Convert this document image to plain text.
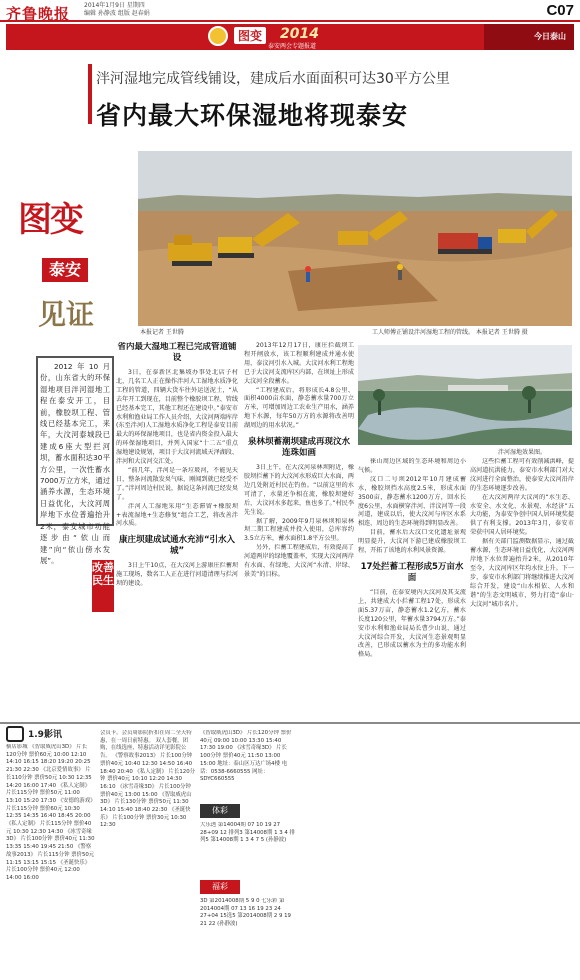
齐鲁晚报 2014年1月9日 星期四
编辑 孙静波 组版 赵春娟	C07
图变 2014
泰安两会专题报道
今日泰山
泮河湿地完成管线铺设，建成后水面面积可达30平方公里
省内最大环保湿地将现泰安
本报记者 王世腾	工人师傅正铺设泮河湿地工程的管线。 本报记者 王世腾 摄
图变
泰安
见证
2012年10月份，山东省大的环保湿地项目泮河湿地工程在泰安开工，目前，橡胶坝工程、管线已经基本完工，来年，大汶河泰城段已建成6座大型拦河坝，蓄水面积达30平方公里，一次性蓄水7000万立方米，通过涵养水源，生态环境日益优化，大汶河周岸地下水位普遍抬升2米，泰安城市功能逐步由“依山而建”向“依山傍水发展”。
改善民生
省内最大湿地工程已完成管道铺设
3日，在泰新区北集坡办事处北店子村北，几名工人正在操作泮河人工湿地水质净化工程的管道，四辆大货车往外运送泥土，“从去年开工到现在，目前整个橡胶坝工程、管线已经基本完工，其他工程还在建设中。”泰安市水利和渔业局工作人员介绍，大汶河两端库岸(东至泮河)人工湿地水质净化工程是泰安目前最大的环保湿地项目，也是省内资金投入最大的环保湿地项目，并列入国家“十二五”重点湿地建设规划，项目于大汶河流域天泽湖段、泮河和大汶河交汇处。
“前几年，泮河是一条垃圾河，不能见天日，整条河流散发臭气味，刚闻到就已经受不了。”泮河周边村民说，据说这条河流已经发臭了。
泮河人工湿地采用“生态滞留+橡胶坝+表流湿地+生态修复”组合工艺，将改善泮河水质。
康庄坝建成试通水充沛“引水入城”
3日上午10点，在大汶河上游康庄拦蓄坝施工现场，数名工人正在进行河道清理与拦河坝的建设。
2013年12月17日，康庄拦截坝工程开闸放水，该工程顺利建成并通水使用，泰汶河引水入城。大汶河水利工程地已于大汶河支流库区内部，在坝址上形成大汶河全段蓄水。
“工程建成后，将形成长4.8公里、面积4000亩水面，静态蓄水量700万立方米，可增加周边工农业生产用水，涵养地下水源，每年50万方的水源将改善明湖周边的用水状况。”
泉林坝蓄潮坝建成再现汶水连珠如画
3日上午，在大汶河泉林坝附近，橡胶坝拦蓄下的大汶河水形成巨大水面，两边几处附近村民在钓鱼。“以前这里的水可清了，水量还争相在流，橡胶坝建好后，大汶河水多起来，鱼也多了。”村民李先生说。
据了解，2009年9月泉林坝和泉林坝二期工程建成并投入使用，总库容约3.5立方米，蓄水面积1.8平方公里。
另外，拦蓄工程建成后，有效提高了河道两岸的绿地覆盖率，实现大汶河两岸有水面、有绿地、大汶河“水清、岸绿、景美”的目标。
泮河湿地效果图。
徕山周边区域的生态环境和周边小气候。
汶口二号坝2012年10月建成蓄水，橡胶坝挡水高度2.5米，形成水面3500亩，静态蓄水1200万方，回水长度6公里，水面横穿泮河、泮汶河等一段河道，建成以后，使大汶河与库区水系相连，周边的生态环境得到明显改善。
目前，蓄水后大汶口文化遗址景观明显提升，大汶河下游已建成橡胶坝工程，开拓了该地的水利风景资源。
17处拦蓄工程形成5万亩水面
“目前，在泰安境内大汶河及其支流上，共建成大小拦蓄工程17处，形成水面5.37万亩，静态蓄水1.2亿方，蓄水长度120公里，年蓄水量3794万方。”泰安市水利和渔业局局长曹少山说，通过大汶河综合开发，大汶河生态景观明显改善，已形成以蓄水为主的多功能水利格局。
这些拦蓄工程可有效削减洪峰，提高河道抗洪能力，泰安市水利部门对大汶河进行全面整治，使泰安大汶河沿岸的生态环境逐步改善。
在大汶河两岸大汶河的“水生态、水安全、水文化、水景观、水经济”五大功能，为泰安争创中国人居环境奖提供了有利支撑。2013年3月，泰安市荣获中国人居环境奖。
据有关部门监测数据显示，通过截蓄水源，生态环境日益优化，大汶河两岸地下水位普遍抬升2米，从2010年至今，大汶河库区年均水位上升。下一步，泰安市水利部门将继续推进大汶河综合开发，建设“山水相依、人水和谐”的生态文明城市，努力打造“泰山·大汶河”城市名片。
1.9影讯
横店影城 《智取威虎山3D》 片长120分钟 票价60元 10:00 12:10 14:10 16:15 18:20 19:20 20:25 21:30 22:30 《北京爱情故事》 片长110分钟 票价50元 10:30 12:35 14:20 16:00 17:40 《私人定制》 片长115分钟 票价50元 11:00 13:10 15:20 17:30 《安德的游戏》 片长115分钟 票价60元 10:30 12:35 14:35 16:40 18:45 20:00 《私人定制》 片长115分钟 票价40元 10:30 12:30 14:30 《冰雪奇缘3D》 片长100分钟 票价40元 11:30 13:35 15:40 19:45 21:50 《警察故事2013》 片长115分钟 票价50元 11:15 13:15 15:15 《圣诞快乐》 片长100分钟 票价40元 12:00 14:00 16:00
会员卡，会员周影院折扣在周二全天特惠，在一周日前特惠。 双人套餐，团购，在线选座，特惠活动详见影院公告。 《警察故事2013》 片长100分钟 票价40元 10:40 12:30 14:50 16:40 18:40 20:40 《私人定制》 片长120分钟 票价40元 10:10 12:20 14:30 16:10 《冰雪奇缘3D》 片长100分钟 票价40元 13:00 15:00 《智取威虎山3D》 片长130分钟 票价50元 11:30 14:10 15:40 18:40 22:30 《圣诞快乐》 片长100分钟 票价30元 10:30 12:30
《智取威虎山3D》 片长120分钟 票价40元 09:00 10:00 13:30 15:40 17:30 19:00 《冰雪奇缘3D》 片长100分钟 票价40元 11:50 13:00 15:00 地址：泰山区万达广场4楼 电话：0538-6660555 网址：SDYC660555
体彩
大乐透 第14004期 07 10 19 27 28+09 12 排列3 第14008期 1 3 4 排列5 第14008期 1 3 4 7 5 (孙静波)
福彩
3D 第2014008期 5 9 0 七乐彩 第2014004期 07 13 16 19 23 24 27+04 15选5 第2014008期 2 9 19 21 22 (孙静波)
